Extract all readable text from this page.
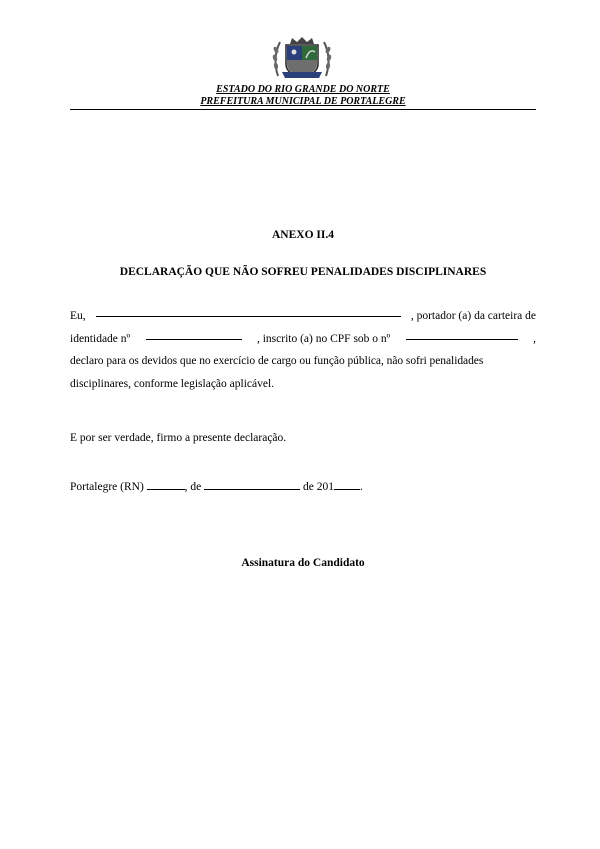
ESTADO DO RIO GRANDE DO NORTE
PREFEITURA MUNICIPAL DE PORTALEGRE
ANEXO II.4
DECLARAÇÃO QUE NÃO SOFREU PENALIDADES DISCIPLINARES
Eu,	, portador (a) da carteira de
identidade nº	, inscrito (a) no CPF sob o nº	,
declaro para os devidos que no exercício de cargo ou função pública, não sofri penalidades
disciplinares, conforme legislação aplicável.
E por ser verdade, firmo a presente declaração.
Portalegre (RN)	, de	de 201 .
Assinatura do Candidato
